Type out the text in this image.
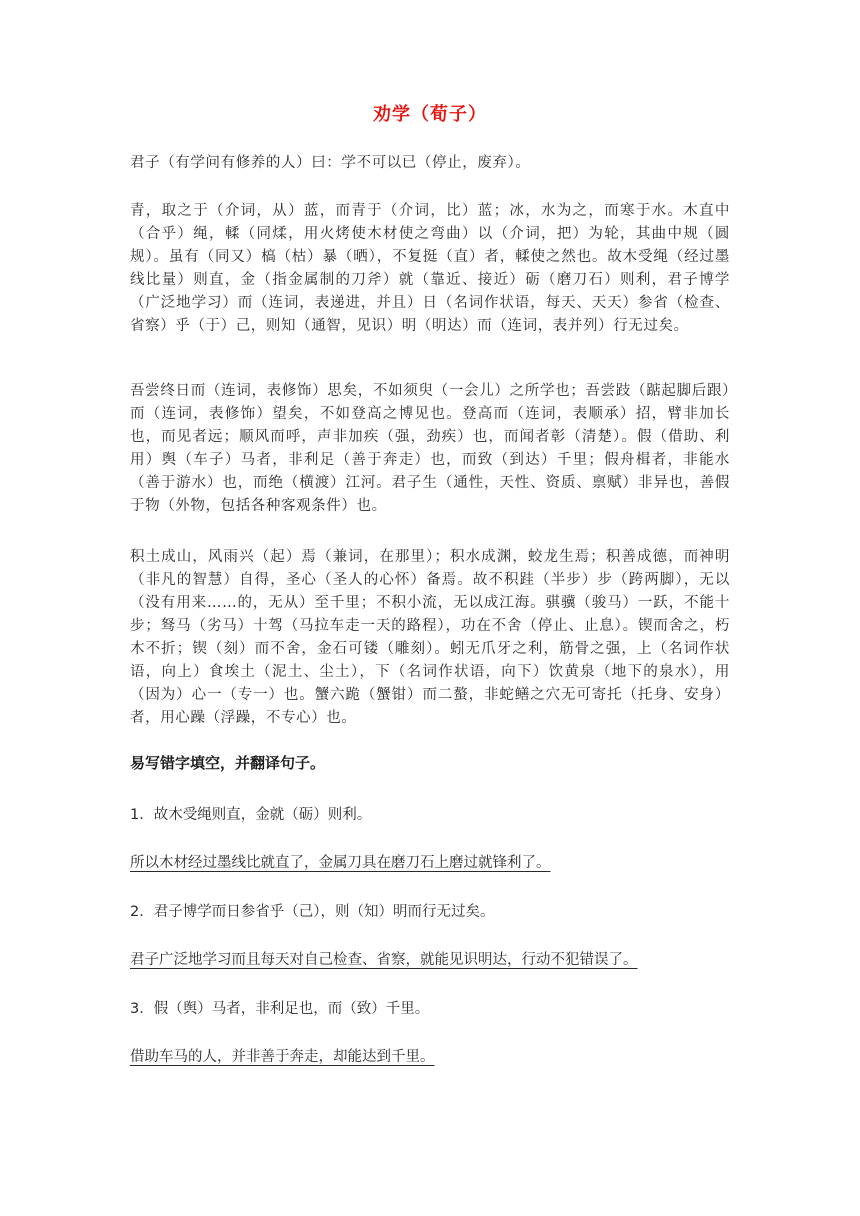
劝学（荀子）
君子（有学问有修养的人）曰：学不可以已（停止，废弃）。
青，取之于（介词，从）蓝，而青于（介词，比）蓝；冰，水为之，而寒于水。木直中（合乎）绳，輮（同煣，用火烤使木材使之弯曲）以（介词，把）为轮，其曲中规（圆规）。虽有（同又）槁（枯）暴（晒），不复挺（直）者，輮使之然也。故木受绳（经过墨线比量）则直，金（指金属制的刀斧）就（靠近、接近）砺（磨刀石）则利，君子博学（广泛地学习）而（连词，表递进，并且）日（名词作状语，每天、天天）参省（检查、省察）乎（于）己，则知（通智，见识）明（明达）而（连词，表并列）行无过矣。
吾尝终日而（连词，表修饰）思矣，不如须臾（一会儿）之所学也；吾尝跂（踮起脚后跟）而（连词，表修饰）望矣，不如登高之博见也。登高而（连词，表顺承）招，臂非加长也，而见者远；顺风而呼，声非加疾（强，劲疾）也，而闻者彰（清楚）。假（借助、利用）舆（车子）马者，非利足（善于奔走）也，而致（到达）千里；假舟楫者，非能水（善于游水）也，而绝（横渡）江河。君子生（通性，天性、资质、禀赋）非异也，善假于物（外物，包括各种客观条件）也。
积土成山，风雨兴（起）焉（兼词，在那里）；积水成渊，蛟龙生焉；积善成德，而神明（非凡的智慧）自得，圣心（圣人的心怀）备焉。故不积跬（半步）步（跨两脚），无以（没有用来……的，无从）至千里；不积小流，无以成江海。骐骥（骏马）一跃，不能十步；驽马（劣马）十驾（马拉车走一天的路程），功在不舍（停止、止息）。锲而舍之，朽木不折；锲（刻）而不舍，金石可镂（雕刻）。蚓无爪牙之利，筋骨之强，上（名词作状语，向上）食埃土（泥土、尘土），下（名词作状语，向下）饮黄泉（地下的泉水），用（因为）心一（专一）也。蟹六跪（蟹钳）而二螯，非蛇鳝之穴无可寄托（托身、安身）者，用心躁（浮躁，不专心）也。
易写错字填空，并翻译句子。
1．故木受绳则直，金就（砺）则利。
所以木材经过墨线比就直了，金属刀具在磨刀石上磨过就锋利了。
2．君子博学而日参省乎（己），则（知）明而行无过矣。
君子广泛地学习而且每天对自己检查、省察，就能见识明达，行动不犯错误了。
3．假（舆）马者，非利足也，而（致）千里。
借助车马的人，并非善于奔走，却能达到千里。
